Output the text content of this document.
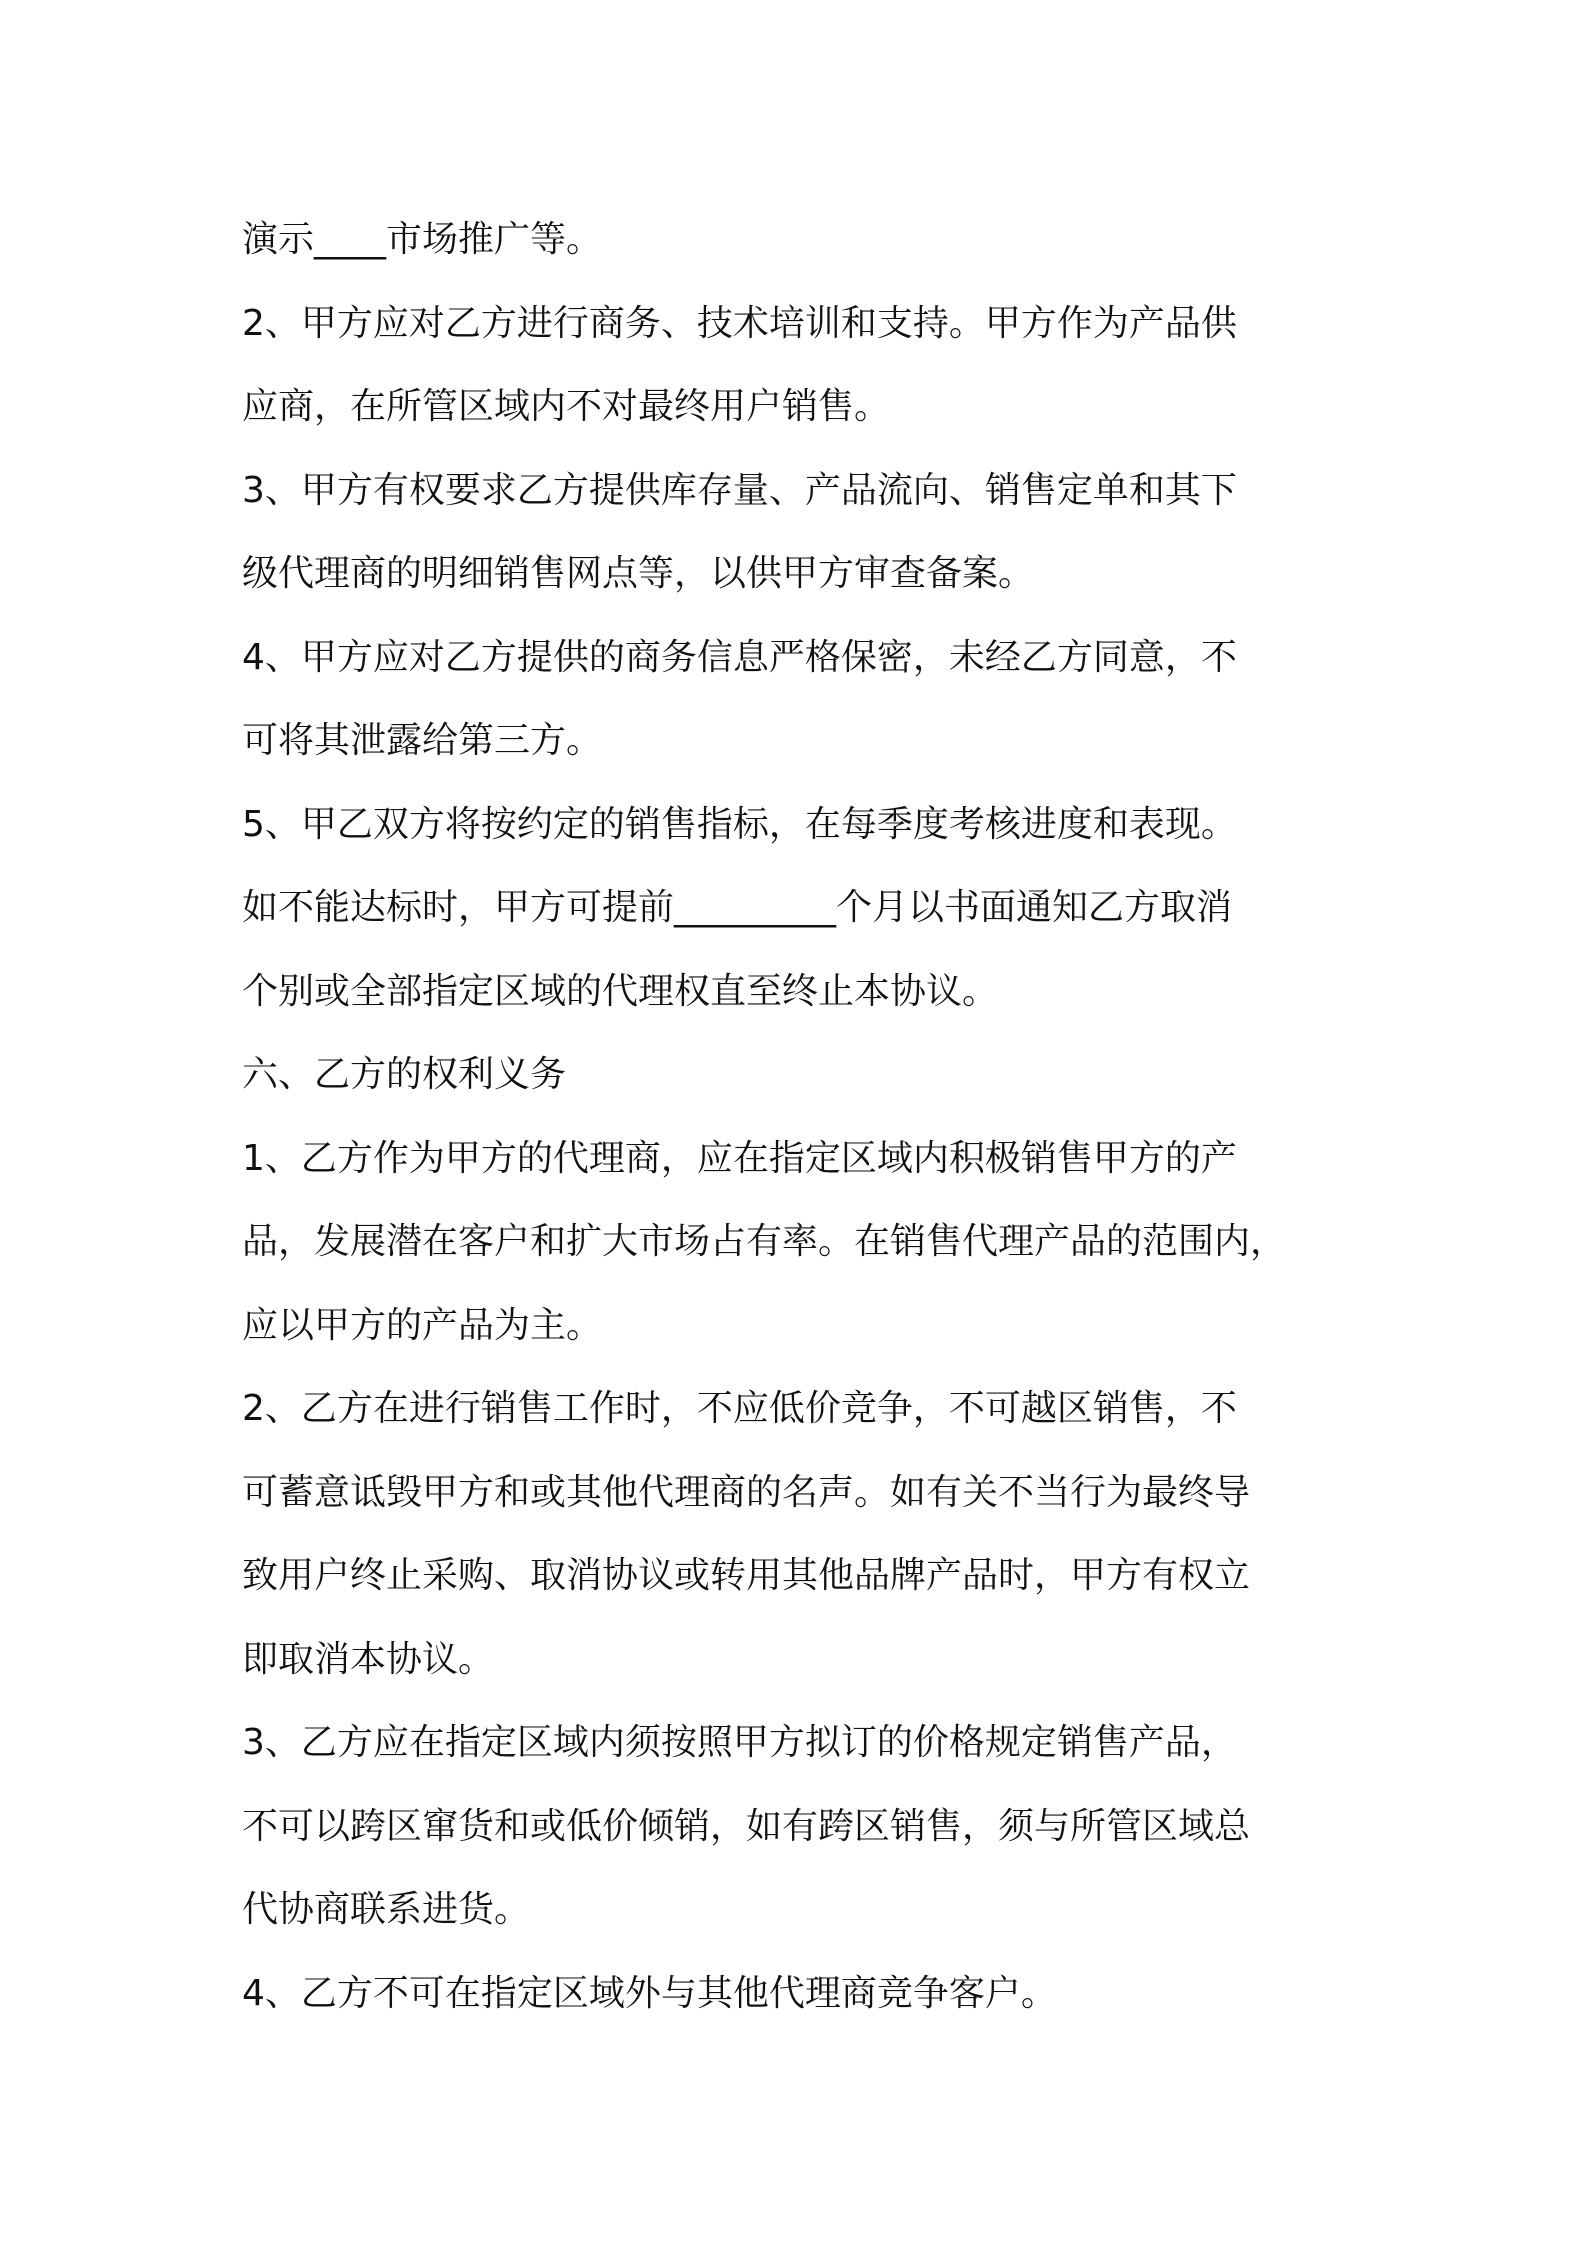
演示____市场推广等。
2、甲方应对乙方进行商务、技术培训和支持。甲方作为产品供
应商，在所管区域内不对最终用户销售。
3、甲方有权要求乙方提供库存量、产品流向、销售定单和其下
级代理商的明细销售网点等，以供甲方审查备案。
4、甲方应对乙方提供的商务信息严格保密，未经乙方同意，不
可将其泄露给第三方。
5、甲乙双方将按约定的销售指标，在每季度考核进度和表现。
如不能达标时，甲方可提前_________个月以书面通知乙方取消
个别或全部指定区域的代理权直至终止本协议。
六、乙方的权利义务
1、乙方作为甲方的代理商，应在指定区域内积极销售甲方的产
品，发展潜在客户和扩大市场占有率。在销售代理产品的范围内，
应以甲方的产品为主。
2、乙方在进行销售工作时，不应低价竞争，不可越区销售，不
可蓄意诋毁甲方和或其他代理商的名声。如有关不当行为最终导
致用户终止采购、取消协议或转用其他品牌产品时，甲方有权立
即取消本协议。
3、乙方应在指定区域内须按照甲方拟订的价格规定销售产品，
不可以跨区窜货和或低价倾销，如有跨区销售，须与所管区域总
代协商联系进货。
4、乙方不可在指定区域外与其他代理商竞争客户。
